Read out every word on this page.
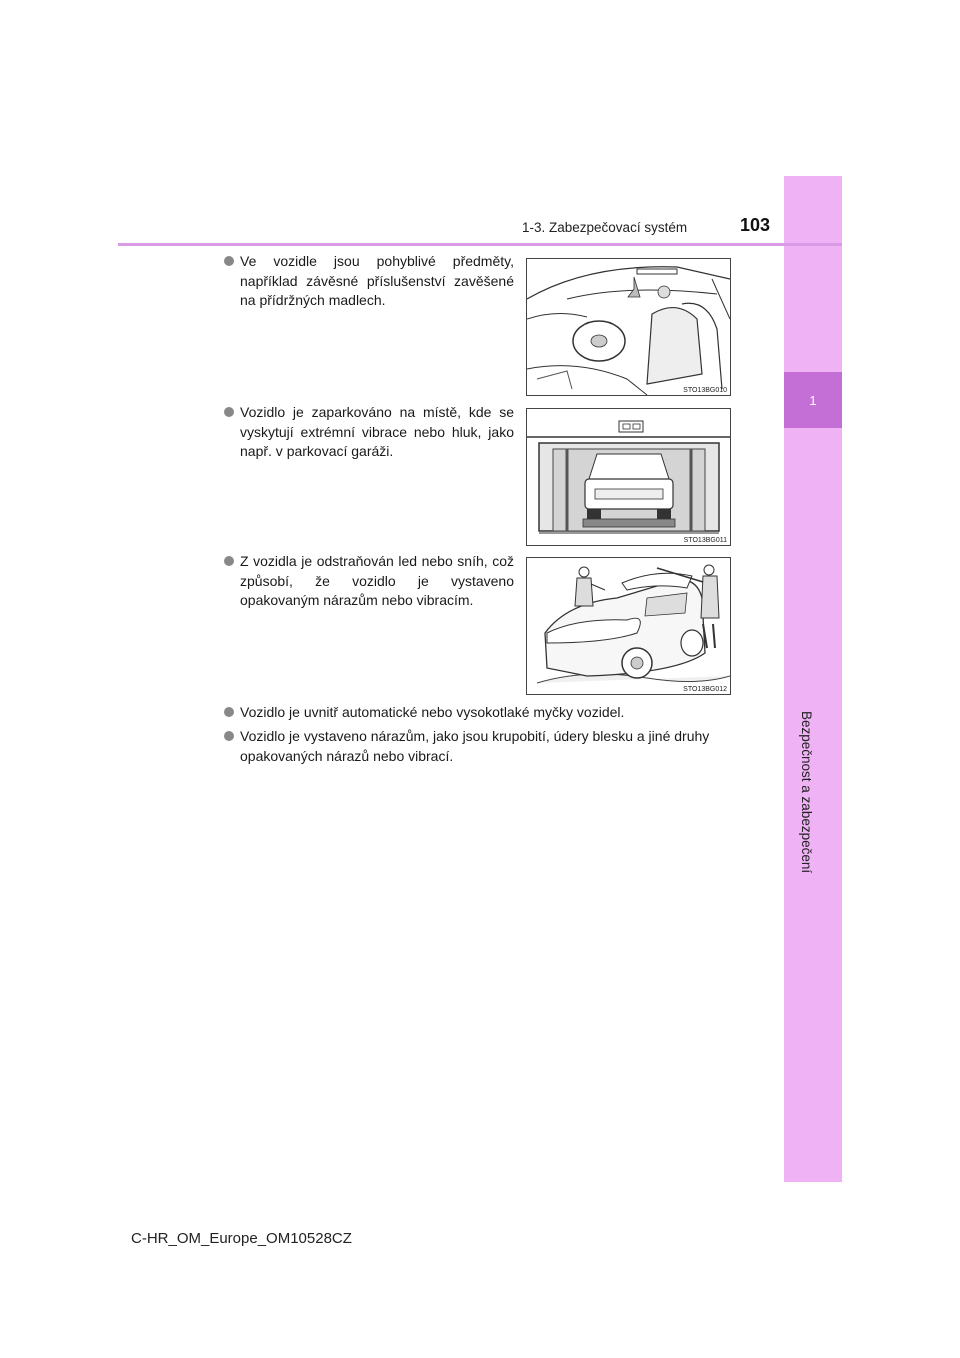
1
Bezpečnost a zabezpečení
1-3. Zabezpečovací systém	103
Ve vozidle jsou pohyblivé předměty, například závěsné příslušenství zavěšené na přídržných madlech.
STO13BG010
Vozidlo je zaparkováno na místě, kde se vyskytují extrémní vibrace nebo hluk, jako např. v parkovací garáži.
STO13BG011
Z vozidla je odstraňován led nebo sníh, což způsobí, že vozidlo je vystaveno opakovaným nárazům nebo vibracím.
STO13BG012
Vozidlo je uvnitř automatické nebo vysokotlaké myčky vozidel.
Vozidlo je vystaveno nárazům, jako jsou krupobití, údery blesku a jiné druhy opakovaných nárazů nebo vibrací.
C-HR_OM_Europe_OM10528CZ
